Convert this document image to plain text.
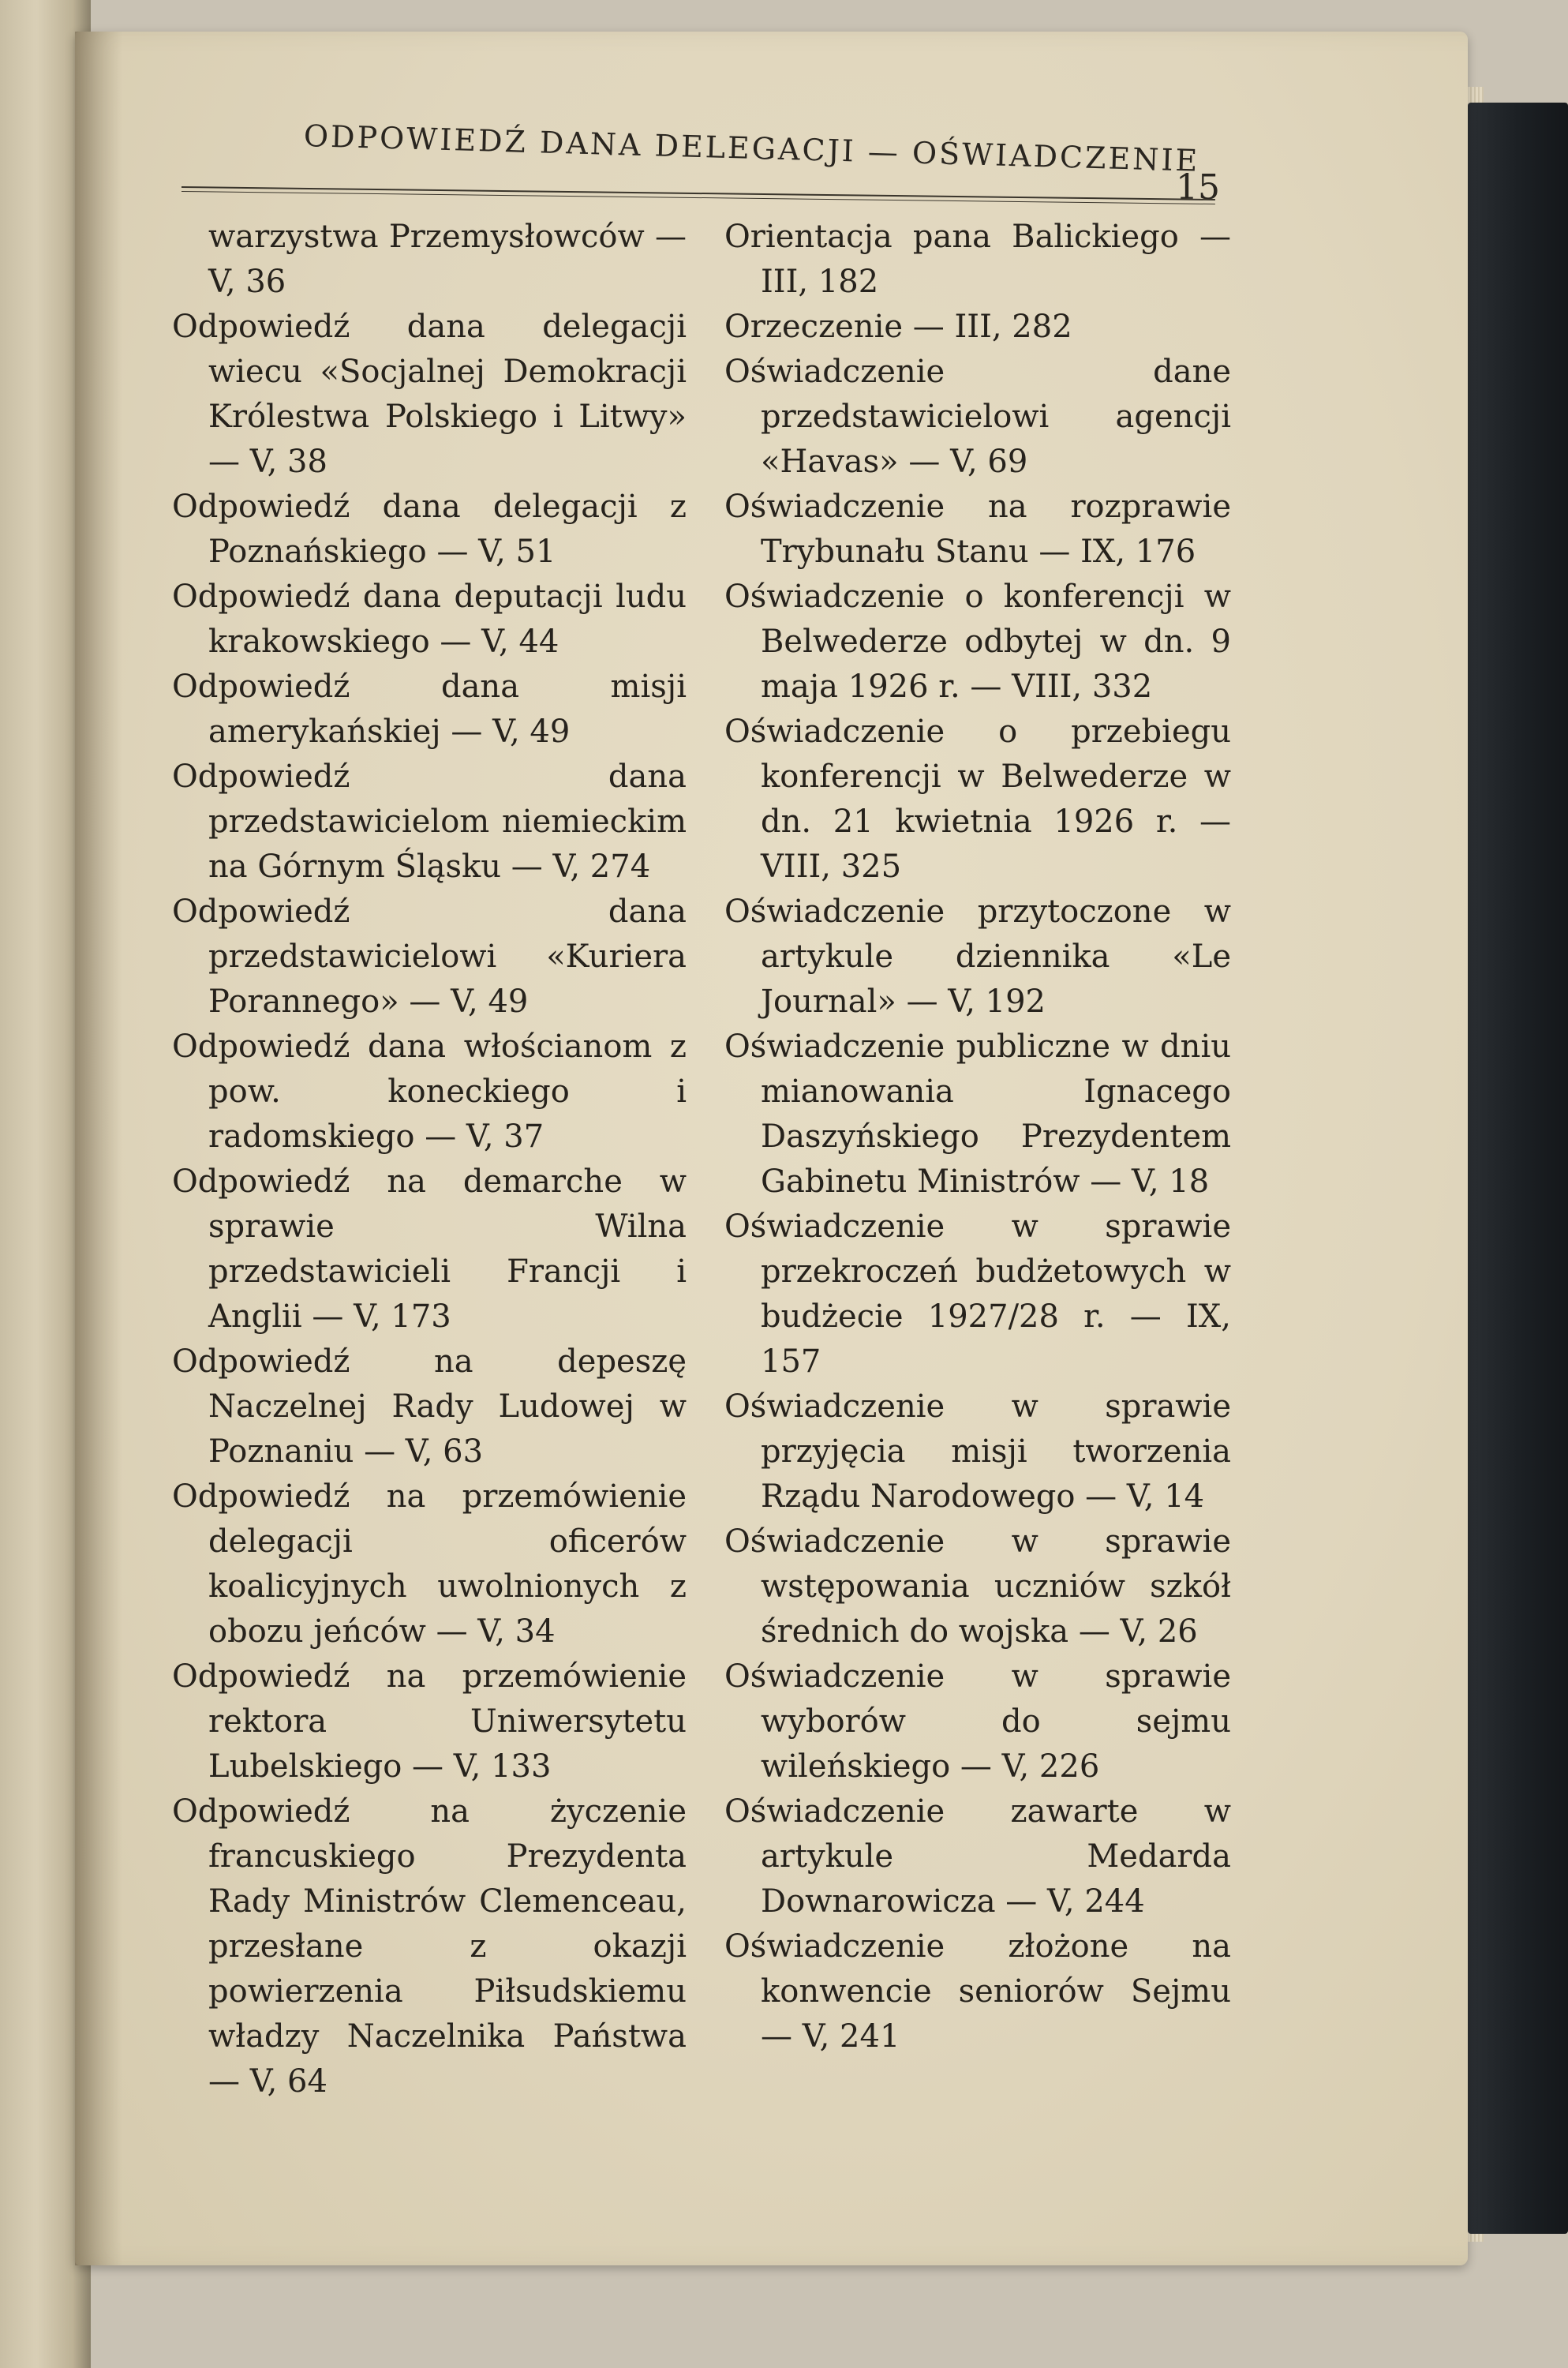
ODPOWIEDŹ DANA DELEGACJI — OŚWIADCZENIE
15

warzystwa Przemysłowców — V, 36

Odpowiedź dana delegacji wiecu «Socjalnej Demokracji Królestwa Polskiego i Litwy» — V, 38

Odpowiedź dana delegacji z Poznańskiego — V, 51

Odpowiedź dana deputacji ludu krakowskiego — V, 44

Odpowiedź dana misji amerykańskiej — V, 49

Odpowiedź dana przedstawicielom niemieckim na Górnym Śląsku — V, 274

Odpowiedź dana przedstawicielowi «Kuriera Porannego» — V, 49

Odpowiedź dana włościanom z pow. koneckiego i radomskiego — V, 37

Odpowiedź na demarche w sprawie Wilna przedstawicieli Francji i Anglii — V, 173

Odpowiedź na depeszę Naczelnej Rady Ludowej w Poznaniu — V, 63

Odpowiedź na przemówienie delegacji oficerów koalicyjnych uwolnionych z obozu jeńców — V, 34

Odpowiedź na przemówienie rektora Uniwersytetu Lubelskiego — V, 133

Odpowiedź na życzenie francuskiego Prezydenta Rady Ministrów Clemenceau, przesłane z okazji powierzenia Piłsudskiemu władzy Naczelnika Państwa — V, 64

Orientacja pana Balickiego — III, 182

Orzeczenie — III, 282

Oświadczenie dane przedstawicielowi agencji «Havas» — V, 69

Oświadczenie na rozprawie Trybunału Stanu — IX, 176

Oświadczenie o konferencji w Belwederze odbytej w dn. 9 maja 1926 r. — VIII, 332

Oświadczenie o przebiegu konferencji w Belwederze w dn. 21 kwietnia 1926 r. — VIII, 325

Oświadczenie przytoczone w artykule dziennika «Le Journal» — V, 192

Oświadczenie publiczne w dniu mianowania Ignacego Daszyńskiego Prezydentem Gabinetu Ministrów — V, 18

Oświadczenie w sprawie przekroczeń budżetowych w budżecie 1927/28 r. — IX, 157

Oświadczenie w sprawie przyjęcia misji tworzenia Rządu Narodowego — V, 14

Oświadczenie w sprawie wstępowania uczniów szkół średnich do wojska — V, 26

Oświadczenie w sprawie wyborów do sejmu wileńskiego — V, 226

Oświadczenie zawarte w artykule Medarda Downarowicza — V, 244

Oświadczenie złożone na konwencie seniorów Sejmu — V, 241
